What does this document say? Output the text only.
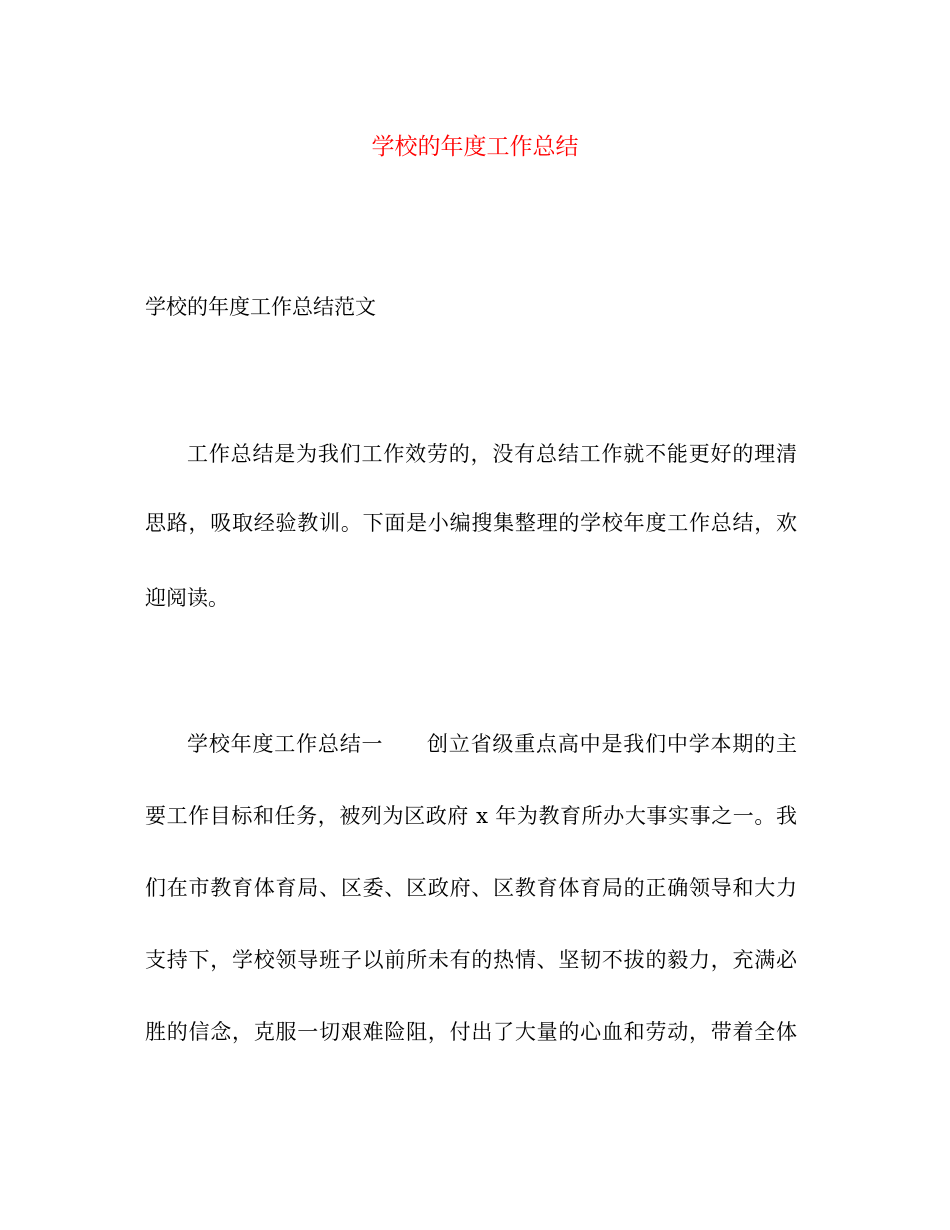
学校的年度工作总结
学校的年度工作总结范文
工作总结是为我们工作效劳的，没有总结工作就不能更好的理清
思路，吸取经验教训。下面是小编搜集整理的学校年度工作总结，欢
迎阅读。
学校年度工作总结一　　创立省级重点高中是我们中学本期的主
要工作目标和任务，被列为区政府 x 年为教育所办大事实事之一。我
们在市教育体育局、区委、区政府、区教育体育局的正确领导和大力
支持下，学校领导班子以前所未有的热情、坚韧不拔的毅力，充满必
胜的信念，克服一切艰难险阻，付出了大量的心血和劳动，带着全体
